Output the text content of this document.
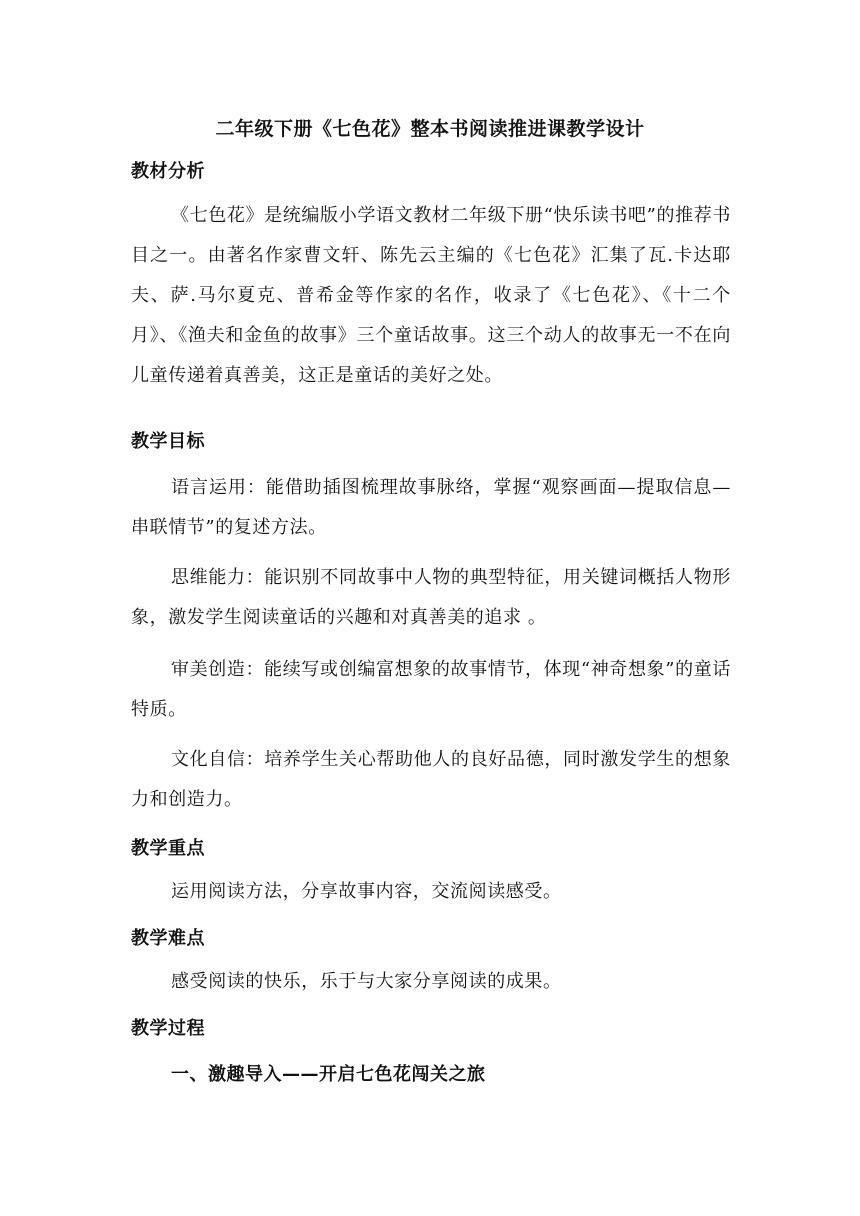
二年级下册《七色花》整本书阅读推进课教学设计
教材分析
《七色花》是统编版小学语文教材二年级下册“快乐读书吧”的推荐书目之一。由著名作家曹文轩、陈先云主编的《七色花》汇集了瓦.卡达耶夫、萨.马尔夏克、普希金等作家的名作，收录了《七色花》、《十二个月》、《渔夫和金鱼的故事》三个童话故事。这三个动人的故事无一不在向儿童传递着真善美，这正是童话的美好之处。
教学目标
语言运用：能借助插图梳理故事脉络，掌握“观察画面—提取信息—串联情节”的复述方法。
思维能力：能识别不同故事中人物的典型特征，用关键词概括人物形象，激发学生阅读童话的兴趣和对真善美的追求 。
审美创造：能续写或创编富想象的故事情节，体现“神奇想象”的童话特质。
文化自信：培养学生关心帮助他人的良好品德，同时激发学生的想象力和创造力。
教学重点
运用阅读方法，分享故事内容，交流阅读感受。
教学难点
感受阅读的快乐，乐于与大家分享阅读的成果。
教学过程
一、激趣导入——开启七色花闯关之旅
